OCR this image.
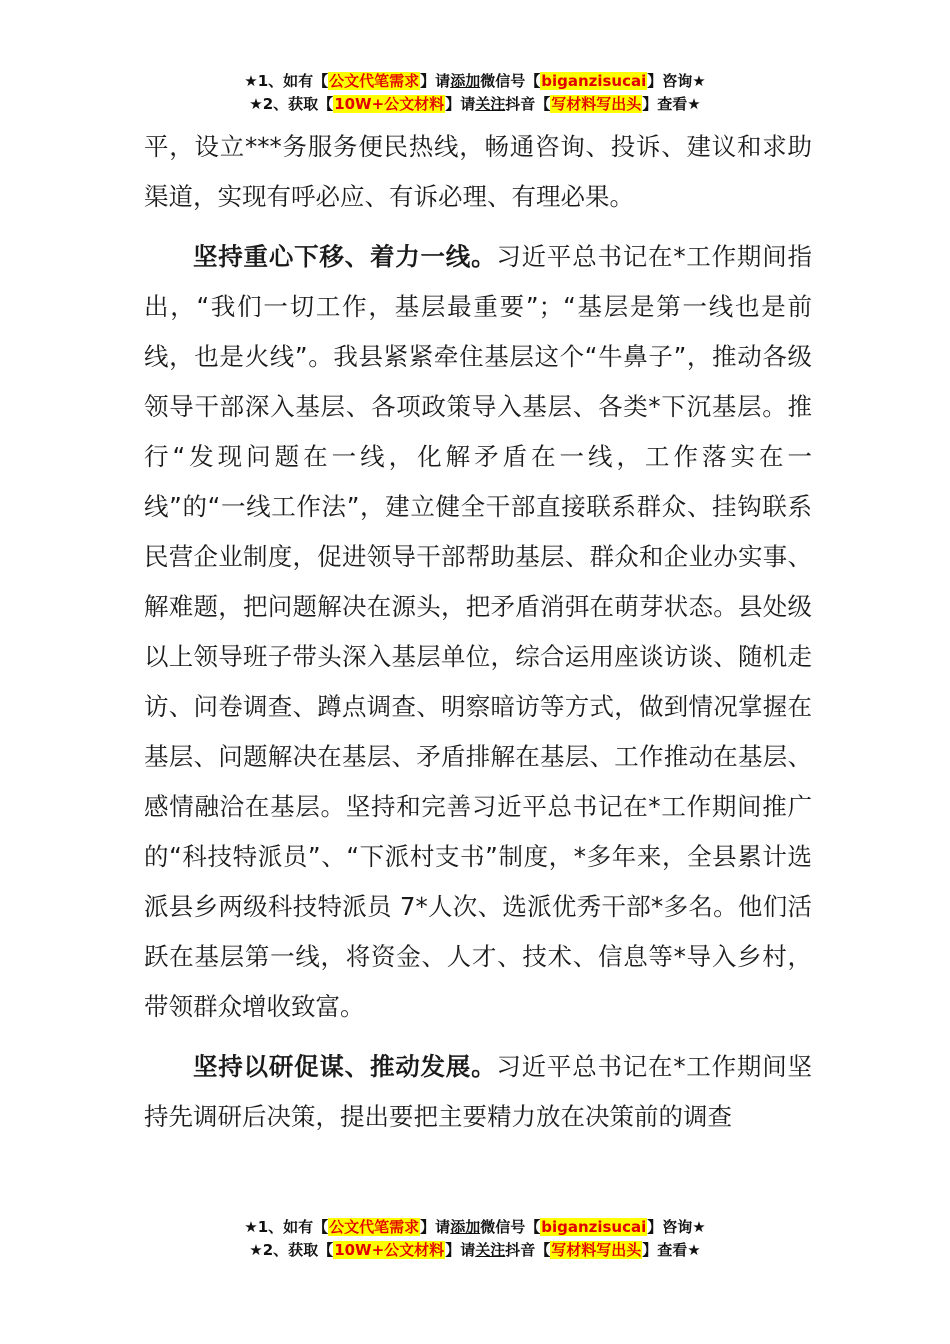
★1、如有【公文代笔需求】请添加微信号【biganzisucai】咨询★
★2、获取【10W+公文材料】请关注抖音【写材料写出头】查看★

平，设立***务服务便民热线，畅通咨询、投诉、建议和求助渠道，实现有呼必应、有诉必理、有理必果。

坚持重心下移、着力一线。习近平总书记在*工作期间指出，“我们一切工作，基层最重要”；“基层是第一线也是前线，也是火线”。我县紧紧牵住基层这个“牛鼻子”，推动各级领导干部深入基层、各项政策导入基层、各类*下沉基层。推行“发现问题在一线，化解矛盾在一线，工作落实在一线”的“一线工作法”，建立健全干部直接联系群众、挂钩联系民营企业制度，促进领导干部帮助基层、群众和企业办实事、解难题，把问题解决在源头，把矛盾消弭在萌芽状态。县处级以上领导班子带头深入基层单位，综合运用座谈访谈、随机走访、问卷调查、蹲点调查、明察暗访等方式，做到情况掌握在基层、问题解决在基层、矛盾排解在基层、工作推动在基层、感情融洽在基层。坚持和完善习近平总书记在*工作期间推广的“科技特派员”、“下派村支书”制度，*多年来，全县累计选派县乡两级科技特派员 7*人次、选派优秀干部*多名。他们活跃在基层第一线，将资金、人才、技术、信息等*导入乡村，带领群众增收致富。

坚持以研促谋、推动发展。习近平总书记在*工作期间坚持先调研后决策，提出要把主要精力放在决策前的调查

★1、如有【公文代笔需求】请添加微信号【biganzisucai】咨询★
★2、获取【10W+公文材料】请关注抖音【写材料写出头】查看★
